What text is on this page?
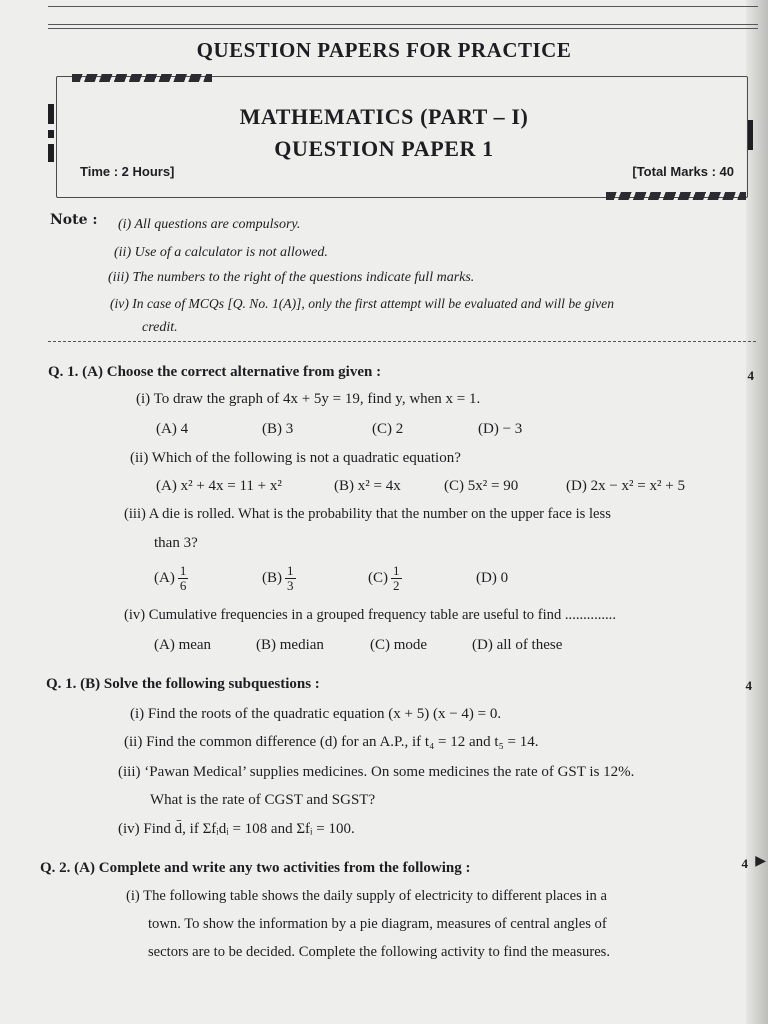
QUESTION PAPERS FOR PRACTICE
MATHEMATICS (PART – I)
QUESTION PAPER 1
Time : 2 Hours]	[Total Marks : 40
Note : (i) All questions are compulsory.
(ii) Use of a calculator is not allowed.
(iii) The numbers to the right of the questions indicate full marks.
(iv) In case of MCQs [Q. No. 1(A)], only the first attempt will be evaluated and will be given
credit.
Q. 1. (A) Choose the correct alternative from given :	4
(i) To draw the graph of 4x + 5y = 19, find y, when x = 1.
(A) 4	(B) 3	(C) 2	(D) − 3
(ii) Which of the following is not a quadratic equation?
(A) x² + 4x = 11 + x²	(B) x² = 4x	(C) 5x² = 90	(D) 2x − x² = x² + 5
(iii) A die is rolled. What is the probability that the number on the upper face is less
than 3?
$(A) \frac{1}{6}$	$(B) \frac{1}{3}$	$(C) \frac{1}{2}$	(D) 0
(iv) Cumulative frequencies in a grouped frequency table are useful to find ..............
(A) mean	(B) median	(C) mode	(D) all of these
Q. 1. (B) Solve the following subquestions :	4
(i) Find the roots of the quadratic equation (x + 5) (x − 4) = 0.
(ii) Find the common difference (d) for an A.P., if t₄ = 12 and t₅ = 14.
(iii) ‘Pawan Medical’ supplies medicines. On some medicines the rate of GST is 12%.
What is the rate of CGST and SGST?
(iv) Find d̄, if Σfᵢdᵢ = 108 and Σfᵢ = 100.
Q. 2. (A) Complete and write any two activities from the following :	4 ▶
(i) The following table shows the daily supply of electricity to different places in a
town. To show the information by a pie diagram, measures of central angles of
sectors are to be decided. Complete the following activity to find the measures.
